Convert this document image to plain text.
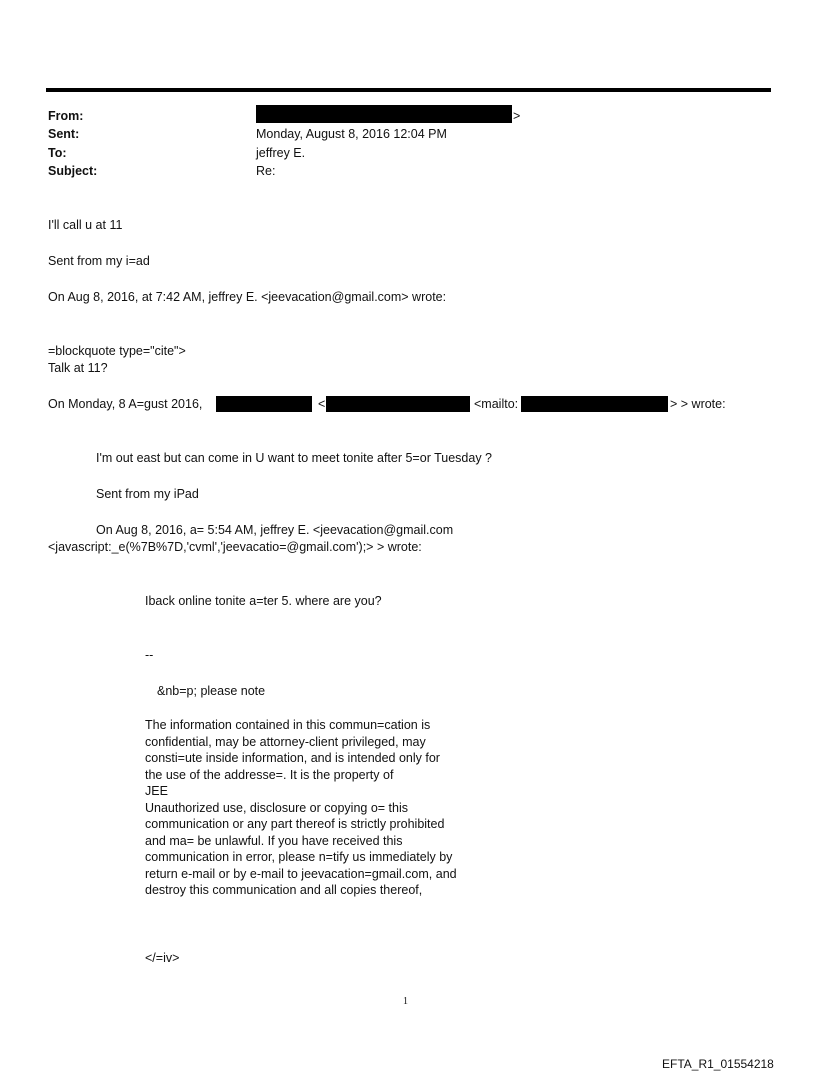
From:	>
Sent:	Monday, August 8, 2016 12:04 PM
To:	jeffrey E.
Subject:	Re:
I'll call u at 11
Sent from my i=ad
On Aug 8, 2016, at 7:42 AM, jeffrey E. <jeevacation@gmail.com> wrote:
=blockquote type="cite">
Talk at 11?
On Monday, 8 A=gust 2016,	<	<mailto:	> > wrote:
I'm out east but can come in U want to meet tonite after 5=or Tuesday ?
Sent from my iPad
On Aug 8, 2016, a= 5:54 AM, jeffrey E. <jeevacation@gmail.com
<javascript:_e(%7B%7D,'cvml','jeevacatio=@gmail.com');> > wrote:
Iback online tonite a=ter 5. where are you?
--
&nb=p; please note
The information contained in this commun=cation is
confidential, may be attorney-client privileged, may
consti=ute inside information, and is intended only for
the use of the addresse=. It is the property of
JEE
Unauthorized use, disclosure or copying o= this
communication or any part thereof is strictly prohibited
and ma= be unlawful. If you have received this
communication in error, please n=tify us immediately by
return e-mail or by e-mail to jeevacation=gmail.com, and
destroy this communication and all copies thereof,
</=iv>
1
EFTA_R1_01554218
